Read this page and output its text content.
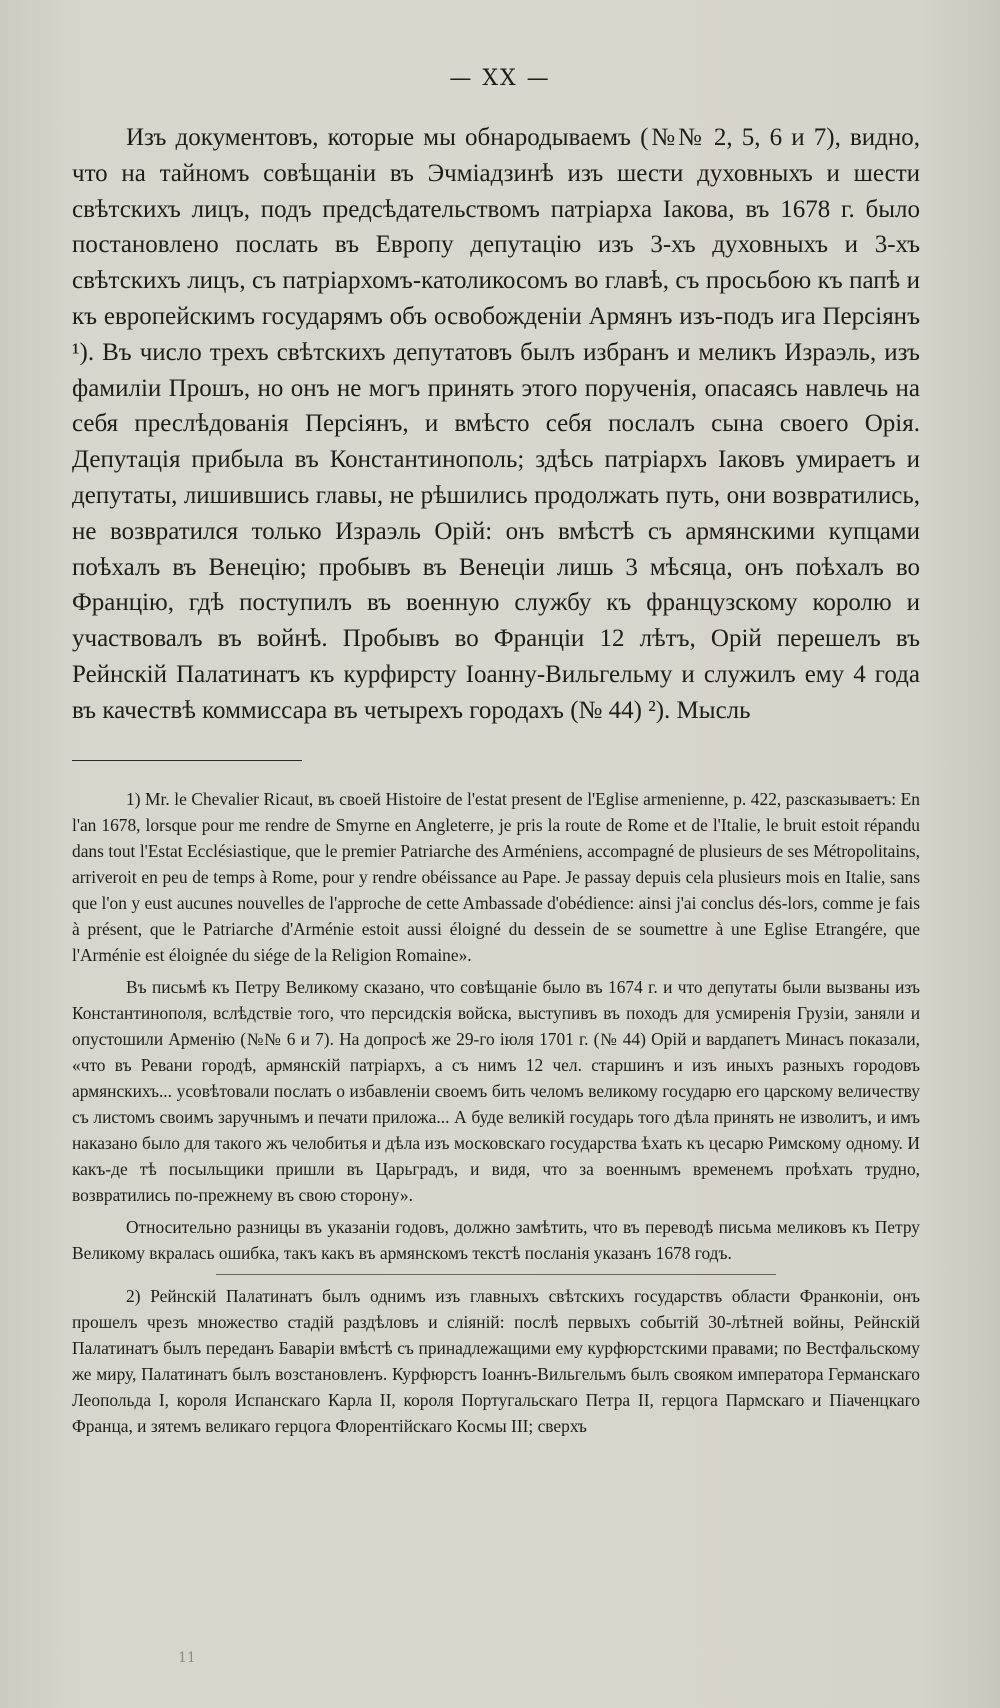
— XX —

Изъ документовъ, которые мы обнародываемъ (№№ 2, 5, 6 и 7), видно, что на тайномъ совѣщаніи въ Эчміадзинѣ изъ шести духовныхъ и шести свѣтскихъ лицъ, подъ предсѣдательствомъ патріарха Іакова, въ 1678 г. было постановлено послать въ Европу депутацію изъ 3-хъ духовныхъ и 3-хъ свѣтскихъ лицъ, съ патріархомъ-католикосомъ во главѣ, съ просьбою къ папѣ и къ европейскимъ государямъ объ освобожденіи Армянъ изъ-подъ ига Персіянъ ¹). Въ число трехъ свѣтскихъ депутатовъ былъ избранъ и меликъ Израэль, изъ фамиліи Прошъ, но онъ не могъ принять этого порученія, опасаясь навлечь на себя преслѣдованія Персіянъ, и вмѣсто себя послалъ сына своего Орія. Депутація прибыла въ Константинополь; здѣсь патріархъ Іаковъ умираетъ и депутаты, лишившись главы, не рѣшились продолжать путь, они возвратились, не возвратился только Израэль Орій: онъ вмѣстѣ съ армянскими купцами поѣхалъ въ Венецію; пробывъ въ Венеціи лишь 3 мѣсяца, онъ поѣхалъ во Францію, гдѣ поступилъ въ военную службу къ французскому королю и участвовалъ въ войнѣ. Пробывъ во Франціи 12 лѣтъ, Орій перешелъ въ Рейнскій Палатинатъ къ курфирсту Іоанну-Вильгельму и служилъ ему 4 года въ качествѣ коммиссара въ четырехъ городахъ (№ 44) ²). Мысль

1) Mr. le Chevalier Ricaut, въ своей Histoire de l'estat present de l'Eglise armenienne, p. 422, разсказываетъ: En l'an 1678, lorsque pour me rendre de Smyrne en Angleterre, je pris la route de Rome et de l'Italie, le bruit estoit répandu dans tout l'Estat Ecclésiastique, que le premier Patriarche des Arméniens, accompagné de plusieurs de ses Métropolitains, arriveroit en peu de temps à Rome, pour y rendre obéissance au Pape. Je passay depuis cela plusieurs mois en Italie, sans que l'on y eust aucunes nouvelles de l'approche de cette Ambassade d'obédience: ainsi j'ai conclus dés-lors, comme je fais à présent, que le Patriarche d'Arménie estoit aussi éloigné du dessein de se soumettre à une Eglise Etrangére, que l'Arménie est éloignée du siége de la Religion Romaine».

Въ письмѣ къ Петру Великому сказано, что совѣщаніе было въ 1674 г. и что депутаты были вызваны изъ Константинополя, вслѣдствіе того, что персидскія войска, выступивъ въ походъ для усмиренія Грузіи, заняли и опустошили Арменію (№№ 6 и 7). На допросѣ же 29-го іюля 1701 г. (№ 44) Орій и вардапетъ Минасъ показали, «что въ Ревани городѣ, армянскій патріархъ, а съ нимъ 12 чел. старшинъ и изъ иныхъ разныхъ городовъ армянскихъ... усовѣтовали послать о избавленіи своемъ бить челомъ великому государю его царскому величеству съ листомъ своимъ заручнымъ и печати приложа... А буде великій государь того дѣла принять не изволитъ, и имъ наказано было для такого жъ челобитья и дѣла изъ московскаго государства ѣхать къ цесарю Римскому одному. И какъ-де тѣ посыльщики пришли въ Царьградъ, и видя, что за военнымъ временемъ проѣхать трудно, возвратились по-прежнему въ свою сторону».

Относительно разницы въ указаніи годовъ, должно замѣтить, что въ переводѣ письма меликовъ къ Петру Великому вкралась ошибка, такъ какъ въ армянскомъ текстѣ посланія указанъ 1678 годъ.

2) Рейнскій Палатинатъ былъ однимъ изъ главныхъ свѣтскихъ государствъ области Франконіи, онъ прошелъ чрезъ множество стадій раздѣловъ и сліяній: послѣ первыхъ событій 30-лѣтней войны, Рейнскій Палатинатъ былъ переданъ Баваріи вмѣстѣ съ принадлежащими ему курфюрстскими правами; по Вестфальскому же миру, Палатинатъ былъ возстановленъ. Курфюрстъ Іоаннъ-Вильгельмъ былъ свояком императора Германскаго Леопольда I, короля Испанскаго Карла II, короля Португальскаго Петра II, герцога Пармскаго и Піаченцкаго Франца, и зятемъ великаго герцога Флорентійскаго Космы III; сверхъ

11
